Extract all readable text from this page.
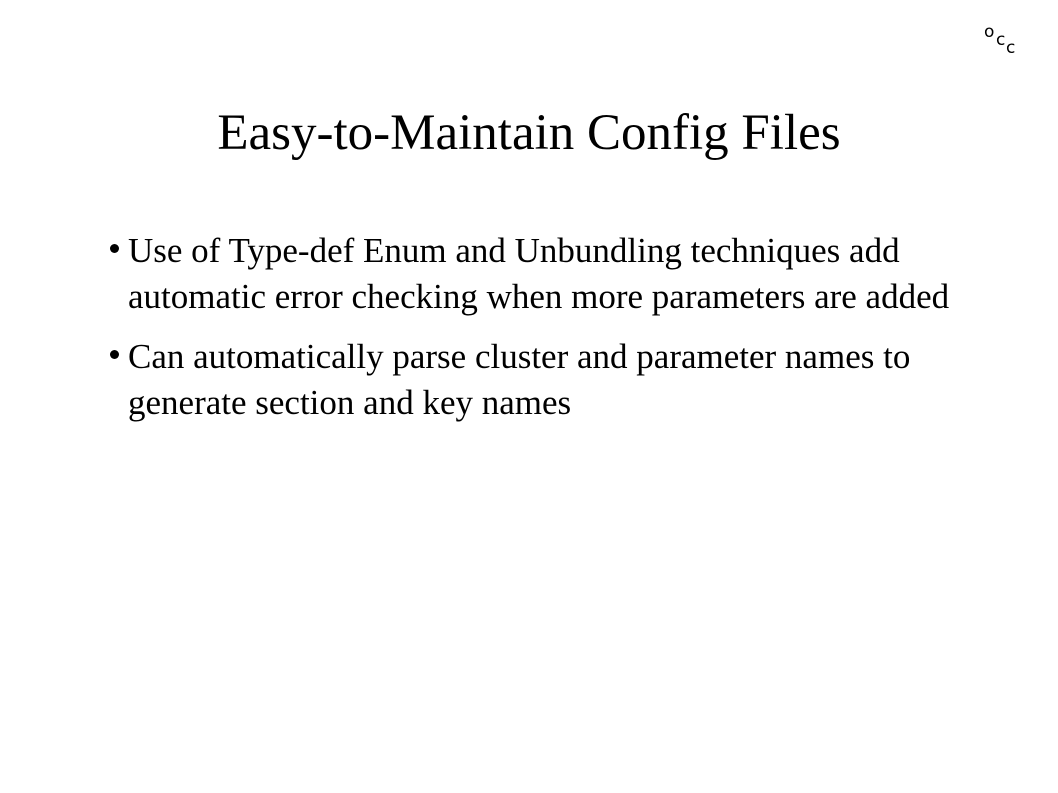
o c c
Easy-to-Maintain Config Files
Use of Type-def Enum and Unbundling techniques add automatic error checking when more parameters are added
Can automatically parse cluster and parameter names to generate section and key names
